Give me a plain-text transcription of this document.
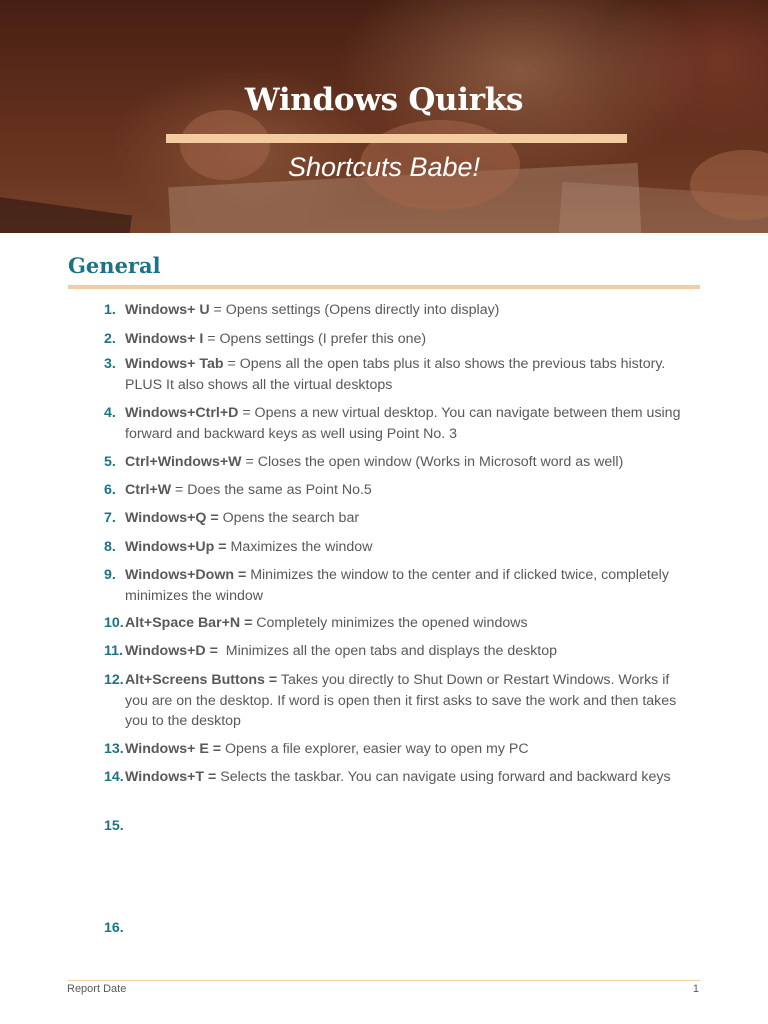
Windows Quirks
Shortcuts Babe!
General
1. Windows+ U = Opens settings (Opens directly into display)
2. Windows+ I = Opens settings (I prefer this one)
3. Windows+ Tab = Opens all the open tabs plus it also shows the previous tabs history. PLUS It also shows all the virtual desktops
4. Windows+Ctrl+D = Opens a new virtual desktop. You can navigate between them using forward and backward keys as well using Point No. 3
5. Ctrl+Windows+W = Closes the open window (Works in Microsoft word as well)
6. Ctrl+W = Does the same as Point No.5
7. Windows+Q = Opens the search bar
8. Windows+Up = Maximizes the window
9. Windows+Down = Minimizes the window to the center and if clicked twice, completely minimizes the window
10. Alt+Space Bar+N = Completely minimizes the opened windows
11. Windows+D =  Minimizes all the open tabs and displays the desktop
12. Alt+Screens Buttons = Takes you directly to Shut Down or Restart Windows. Works if you are on the desktop. If word is open then it first asks to save the work and then takes you to the desktop
13. Windows+ E = Opens a file explorer, easier way to open my PC
14. Windows+T = Selects the taskbar. You can navigate using forward and backward keys
15.
16.
Report Date	1
